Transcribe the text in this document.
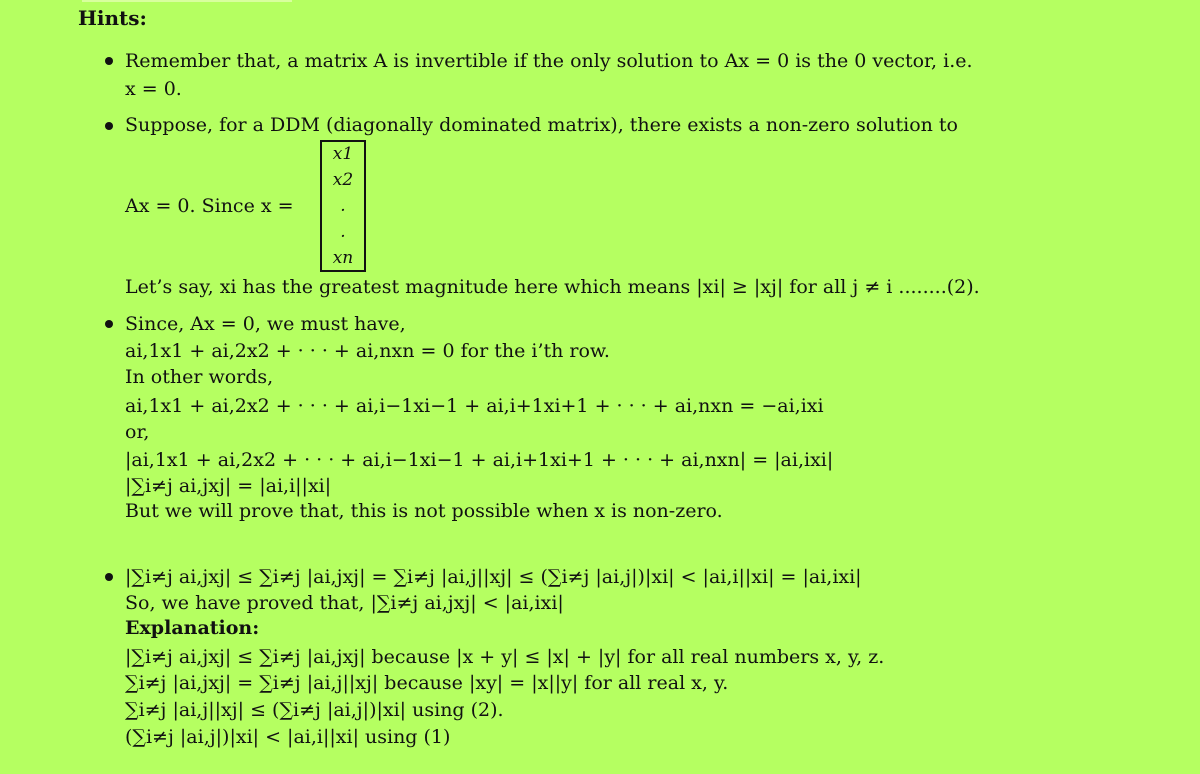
Hints:
Remember that, a matrix A is invertible if the only solution to Ax = 0 is the 0 vector, i.e.
x = 0.
Suppose, for a DDM (diagonally dominated matrix), there exists a non-zero solution to
Ax = 0. Since x =
x1
x2
.
.
xn
Let’s say, xi has the greatest magnitude here which means |xi| ≥ |xj| for all j ≠ i ........(2).
Since, Ax = 0, we must have,
ai,1x1 + ai,2x2 + · · · + ai,nxn = 0 for the i’th row.
In other words,
ai,1x1 + ai,2x2 + · · · + ai,i−1xi−1 + ai,i+1xi+1 + · · · + ai,nxn = −ai,ixi
or,
|ai,1x1 + ai,2x2 + · · · + ai,i−1xi−1 + ai,i+1xi+1 + · · · + ai,nxn| = |ai,ixi|
|∑i≠j ai,jxj| = |ai,i||xi|
But we will prove that, this is not possible when x is non-zero.
|∑i≠j ai,jxj| ≤ ∑i≠j |ai,jxj| = ∑i≠j |ai,j||xj| ≤ (∑i≠j |ai,j|)|xi| < |ai,i||xi| = |ai,ixi|
So, we have proved that, |∑i≠j ai,jxj| < |ai,ixi|
Explanation:
|∑i≠j ai,jxj| ≤ ∑i≠j |ai,jxj| because |x + y| ≤ |x| + |y| for all real numbers x, y, z.
∑i≠j |ai,jxj| = ∑i≠j |ai,j||xj| because |xy| = |x||y| for all real x, y.
∑i≠j |ai,j||xj| ≤ (∑i≠j |ai,j|)|xi| using (2).
(∑i≠j |ai,j|)|xi| < |ai,i||xi| using (1)
